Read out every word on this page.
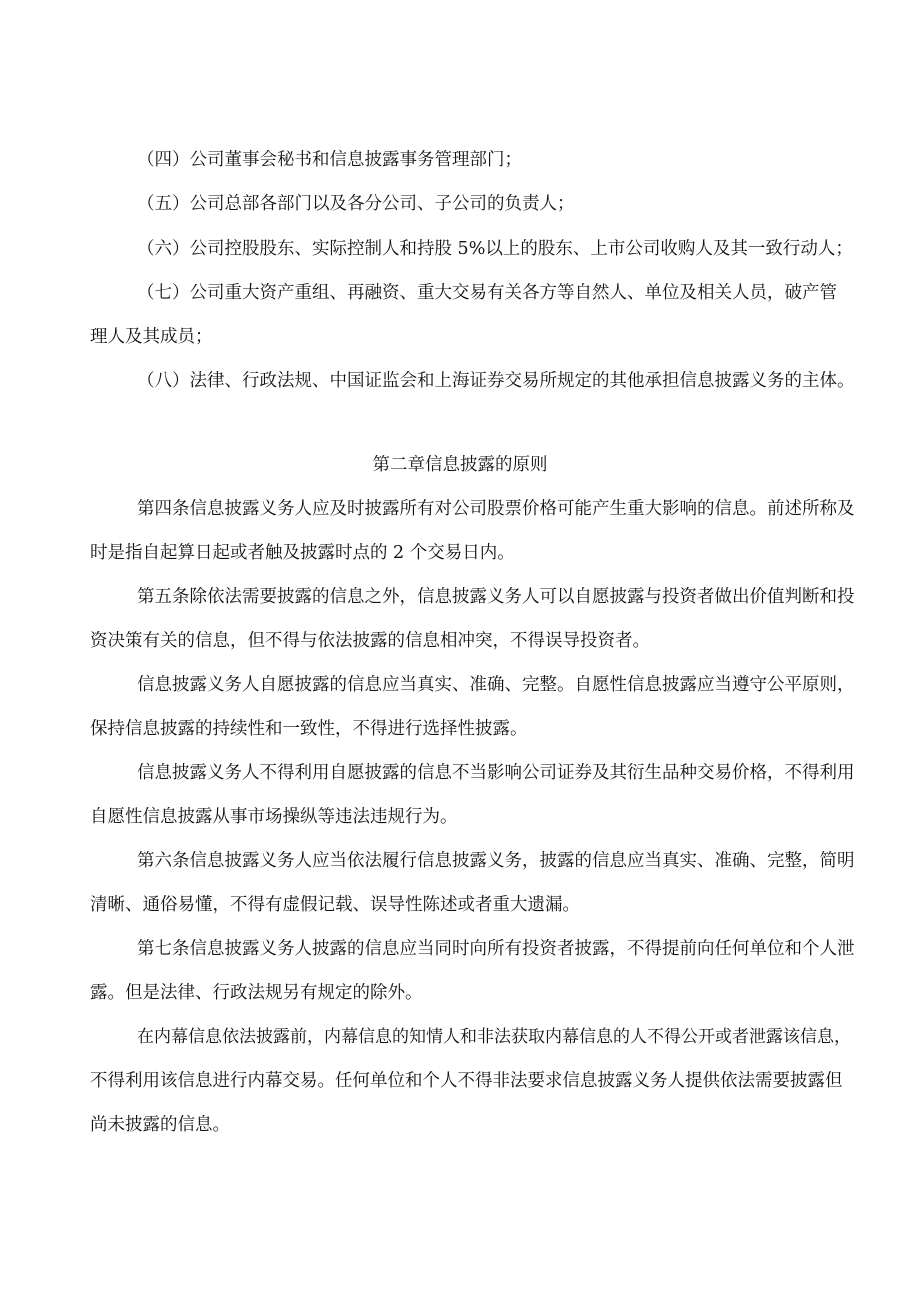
（四）公司董事会秘书和信息披露事务管理部门；
（五）公司总部各部门以及各分公司、子公司的负责人；
（六）公司控股股东、实际控制人和持股 5%以上的股东、上市公司收购人及其一致行动人；
（七）公司重大资产重组、再融资、重大交易有关各方等自然人、单位及相关人员，破产管
理人及其成员；
（八）法律、行政法规、中国证监会和上海证券交易所规定的其他承担信息披露义务的主体。
第二章信息披露的原则
第四条信息披露义务人应及时披露所有对公司股票价格可能产生重大影响的信息。前述所称及
时是指自起算日起或者触及披露时点的 2 个交易日内。
第五条除依法需要披露的信息之外，信息披露义务人可以自愿披露与投资者做出价值判断和投
资决策有关的信息，但不得与依法披露的信息相冲突，不得误导投资者。
信息披露义务人自愿披露的信息应当真实、准确、完整。自愿性信息披露应当遵守公平原则，
保持信息披露的持续性和一致性，不得进行选择性披露。
信息披露义务人不得利用自愿披露的信息不当影响公司证券及其衍生品种交易价格，不得利用
自愿性信息披露从事市场操纵等违法违规行为。
第六条信息披露义务人应当依法履行信息披露义务，披露的信息应当真实、准确、完整，简明
清晰、通俗易懂，不得有虚假记载、误导性陈述或者重大遗漏。
第七条信息披露义务人披露的信息应当同时向所有投资者披露，不得提前向任何单位和个人泄
露。但是法律、行政法规另有规定的除外。
在内幕信息依法披露前，内幕信息的知情人和非法获取内幕信息的人不得公开或者泄露该信息，
不得利用该信息进行内幕交易。任何单位和个人不得非法要求信息披露义务人提供依法需要披露但
尚未披露的信息。
